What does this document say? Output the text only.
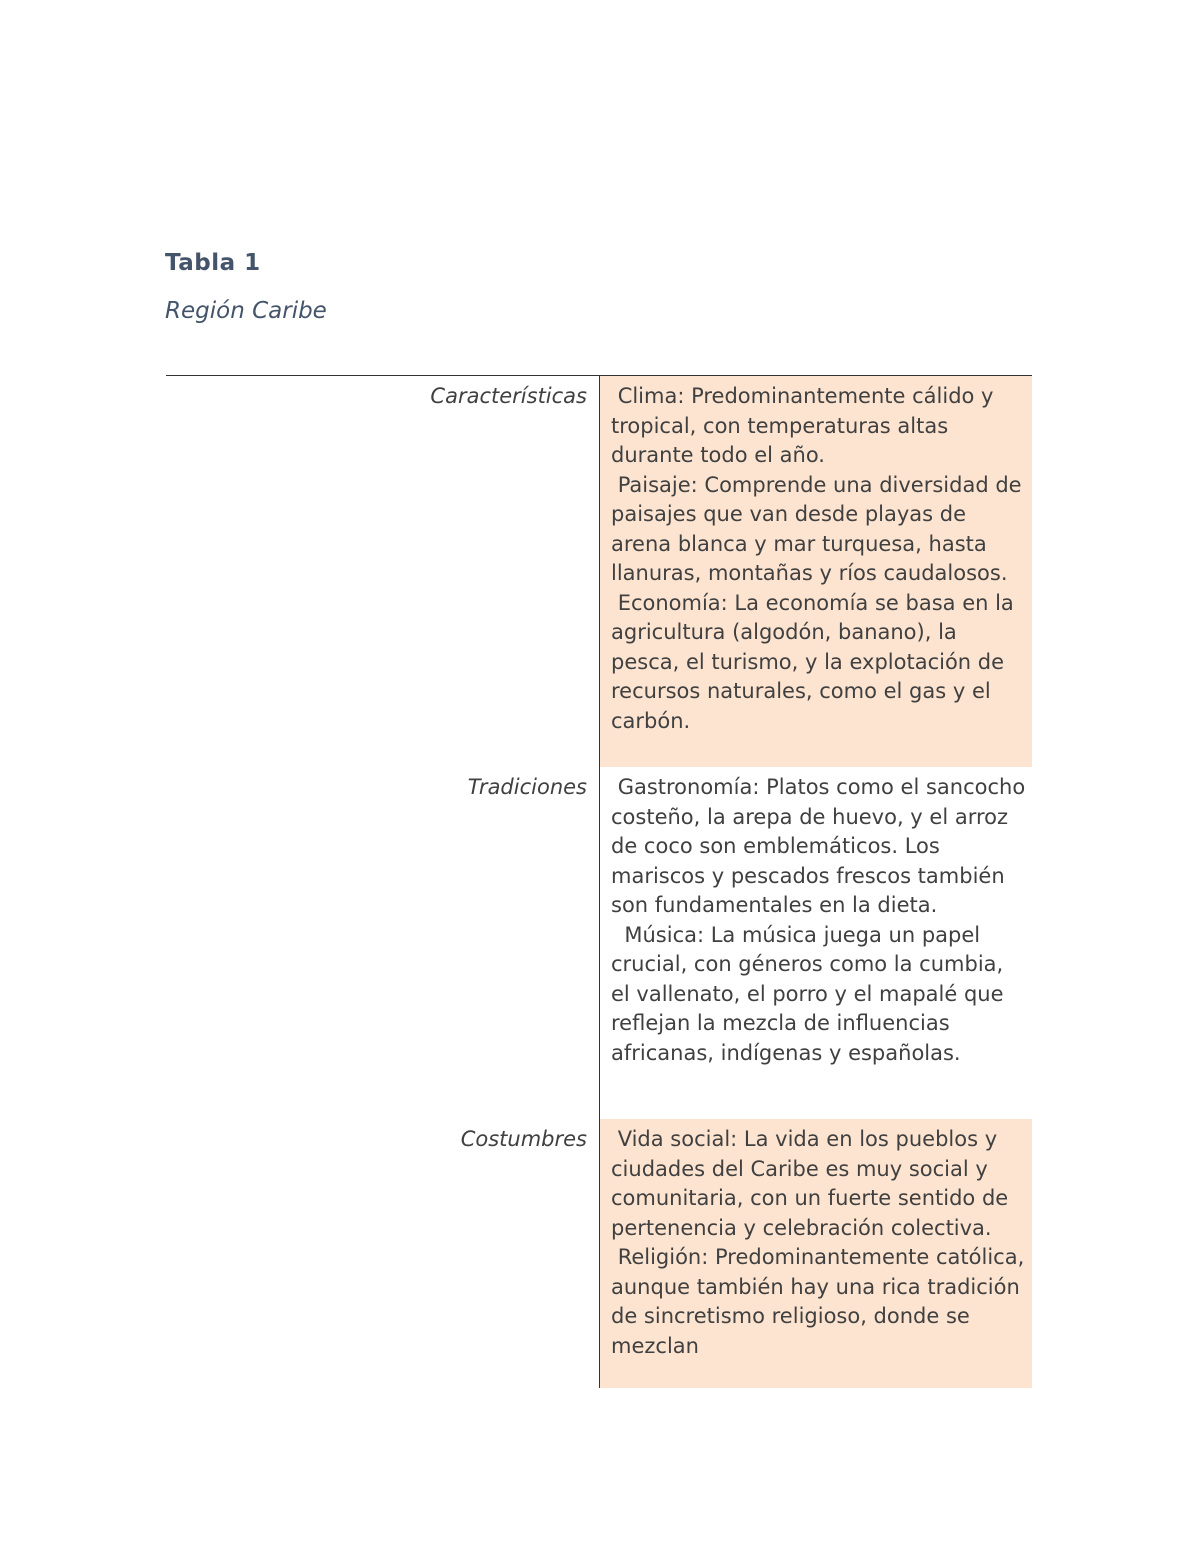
Tabla 1
Región Caribe
Características	Clima: Predominantemente cálido y tropical, con temperaturas altas durante todo el año.
Paisaje: Comprende una diversidad de paisajes que van desde playas de arena blanca y mar turquesa, hasta llanuras, montañas y ríos caudalosos.
Economía: La economía se basa en la agricultura (algodón, banano), la pesca, el turismo, y la explotación de recursos naturales, como el gas y el carbón.
Tradiciones	Gastronomía: Platos como el sancocho costeño, la arepa de huevo, y el arroz de coco son emblemáticos. Los mariscos y pescados frescos también son fundamentales en la dieta.
Música: La música juega un papel crucial, con géneros como la cumbia, el vallenato, el porro y el mapalé que reflejan la mezcla de influencias africanas, indígenas y españolas.
Costumbres	Vida social: La vida en los pueblos y ciudades del Caribe es muy social y comunitaria, con un fuerte sentido de pertenencia y celebración colectiva.
Religión: Predominantemente católica, aunque también hay una rica tradición de sincretismo religioso, donde se mezclan
